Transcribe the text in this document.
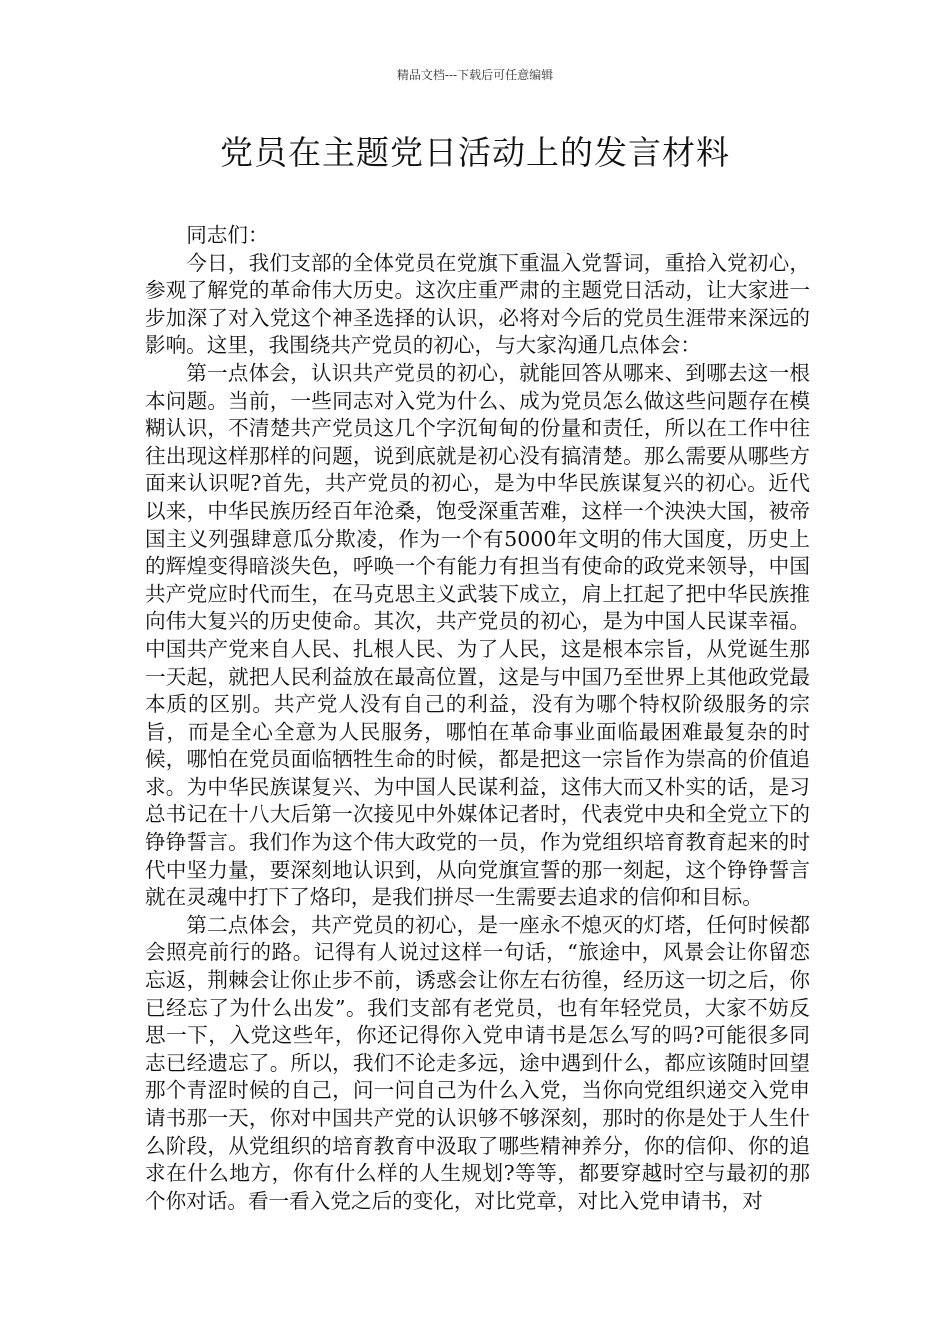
精品文档---下载后可任意编辑
党员在主题党日活动上的发言材料

同志们：

今日，我们支部的全体党员在党旗下重温入党誓词，重拾入党初心，参观了解党的革命伟大历史。这次庄重严肃的主题党日活动，让大家进一步加深了对入党这个神圣选择的认识，必将对今后的党员生涯带来深远的影响。这里，我围绕共产党员的初心，与大家沟通几点体会：

第一点体会，认识共产党员的初心，就能回答从哪来、到哪去这一根本问题。当前，一些同志对入党为什么、成为党员怎么做这些问题存在模糊认识，不清楚共产党员这几个字沉甸甸的份量和责任，所以在工作中往往出现这样那样的问题，说到底就是初心没有搞清楚。那么需要从哪些方面来认识呢?首先，共产党员的初心，是为中华民族谋复兴的初心。近代以来，中华民族历经百年沧桑，饱受深重苦难，这样一个泱泱大国，被帝国主义列强肆意瓜分欺凌，作为一个有5000年文明的伟大国度，历史上的辉煌变得暗淡失色，呼唤一个有能力有担当有使命的政党来领导，中国共产党应时代而生，在马克思主义武装下成立，肩上扛起了把中华民族推向伟大复兴的历史使命。其次，共产党员的初心，是为中国人民谋幸福。中国共产党来自人民、扎根人民、为了人民，这是根本宗旨，从党诞生那一天起，就把人民利益放在最高位置，这是与中国乃至世界上其他政党最本质的区别。共产党人没有自己的利益，没有为哪个特权阶级服务的宗旨，而是全心全意为人民服务，哪怕在革命事业面临最困难最复杂的时候，哪怕在党员面临牺牲生命的时候，都是把这一宗旨作为崇高的价值追求。为中华民族谋复兴、为中国人民谋利益，这伟大而又朴实的话，是习总书记在十八大后第一次接见中外媒体记者时，代表党中央和全党立下的铮铮誓言。我们作为这个伟大政党的一员，作为党组织培育教育起来的时代中坚力量，要深刻地认识到，从向党旗宣誓的那一刻起，这个铮铮誓言就在灵魂中打下了烙印，是我们拼尽一生需要去追求的信仰和目标。

第二点体会，共产党员的初心，是一座永不熄灭的灯塔，任何时候都会照亮前行的路。记得有人说过这样一句话，“旅途中，风景会让你留恋忘返，荆棘会让你止步不前，诱惑会让你左右彷徨，经历这一切之后，你已经忘了为什么出发”。我们支部有老党员，也有年轻党员，大家不妨反思一下，入党这些年，你还记得你入党申请书是怎么写的吗?可能很多同志已经遗忘了。所以，我们不论走多远，途中遇到什么，都应该随时回望那个青涩时候的自己，问一问自己为什么入党，当你向党组织递交入党申请书那一天，你对中国共产党的认识够不够深刻，那时的你是处于人生什么阶段，从党组织的培育教育中汲取了哪些精神养分，你的信仰、你的追求在什么地方，你有什么样的人生规划?等等，都要穿越时空与最初的那个你对话。看一看入党之后的变化，对比党章，对比入党申请书，对
